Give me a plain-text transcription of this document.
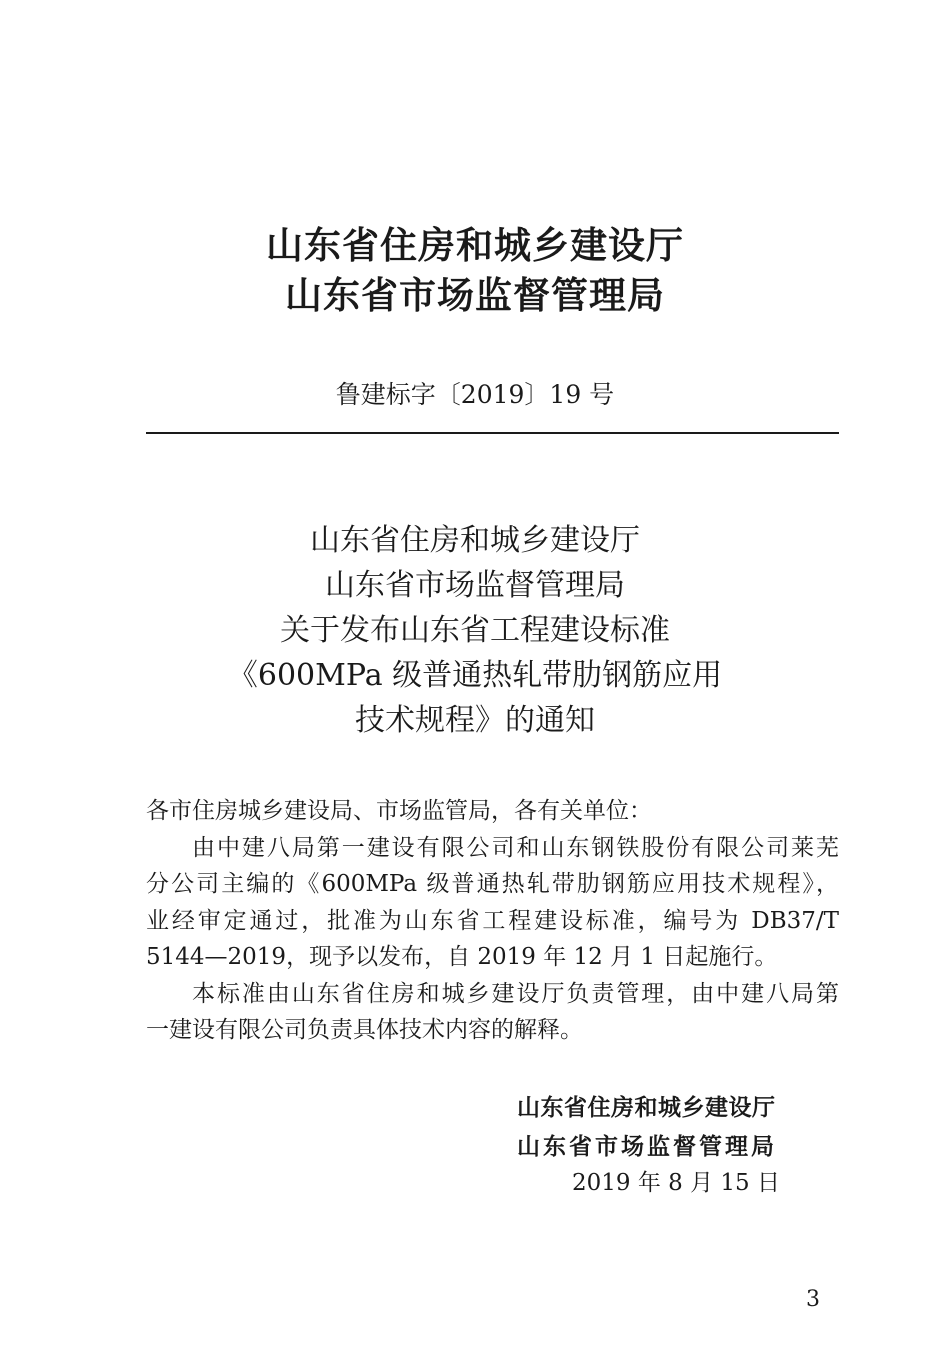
山东省住房和城乡建设厅
山东省市场监督管理局
鲁建标字〔2019〕19 号
山东省住房和城乡建设厅
山东省市场监督管理局
关于发布山东省工程建设标准
《600MPa 级普通热轧带肋钢筋应用
技术规程》的通知
各市住房城乡建设局、市场监管局，各有关单位：
由中建八局第一建设有限公司和山东钢铁股份有限公司莱芜
分公司主编的《600MPa 级普通热轧带肋钢筋应用技术规程》，
业经审定通过，批准为山东省工程建设标准，编号为 DB37/T
5144—2019，现予以发布，自 2019 年 12 月 1 日起施行。
本标准由山东省住房和城乡建设厅负责管理，由中建八局第
一建设有限公司负责具体技术内容的解释。
山东省住房和城乡建设厅
山东省市场监督管理局
2019 年 8 月 15 日
3
